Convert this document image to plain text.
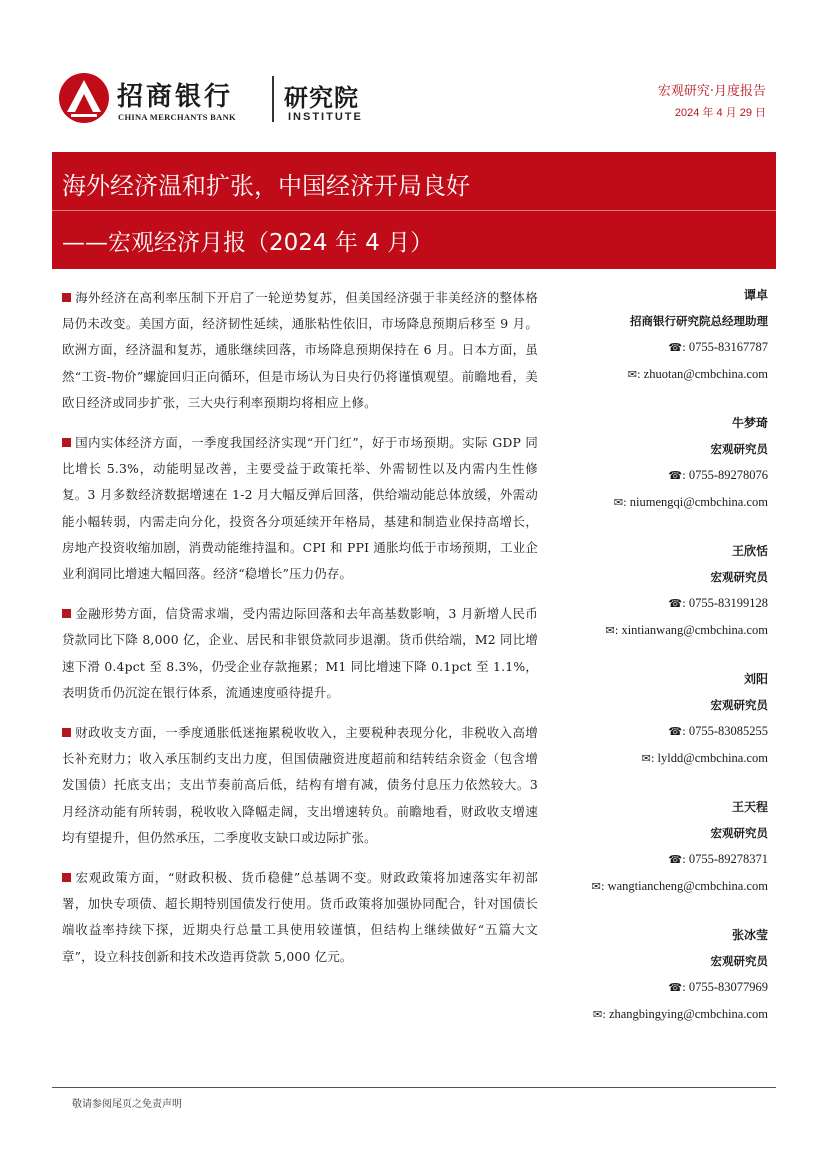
招商银行
CHINA MERCHANTS BANK
研究院
INSTITUTE
宏观研究·月度报告
2024 年 4 月 29 日
海外经济温和扩张，中国经济开局良好
——宏观经济月报（2024 年 4 月）

海外经济在高利率压制下开启了一轮逆势复苏，但美国经济强于非美经济的整体格局仍未改变。美国方面，经济韧性延续，通胀粘性依旧，市场降息预期后移至 9 月。欧洲方面，经济温和复苏，通胀继续回落，市场降息预期保持在 6 月。日本方面，虽然“工资-物价”螺旋回归正向循环，但是市场认为日央行仍将谨慎观望。前瞻地看，美欧日经济或同步扩张，三大央行利率预期均将相应上修。

国内实体经济方面，一季度我国经济实现“开门红”，好于市场预期。实际 GDP 同比增长 5.3%，动能明显改善，主要受益于政策托举、外需韧性以及内需内生性修复。3 月多数经济数据增速在 1-2 月大幅反弹后回落，供给端动能总体放缓，外需动能小幅转弱，内需走向分化，投资各分项延续开年格局，基建和制造业保持高增长，房地产投资收缩加剧，消费动能维持温和。CPI 和 PPI 通胀均低于市场预期，工业企业利润同比增速大幅回落。经济“稳增长”压力仍存。

金融形势方面，信贷需求端，受内需边际回落和去年高基数影响，3 月新增人民币贷款同比下降 8,000 亿，企业、居民和非银贷款同步退潮。货币供给端，M2 同比增速下滑 0.4pct 至 8.3%，仍受企业存款拖累；M1 同比增速下降 0.1pct 至 1.1%，表明货币仍沉淀在银行体系，流通速度亟待提升。

财政收支方面，一季度通胀低迷拖累税收收入，主要税种表现分化，非税收入高增长补充财力；收入承压制约支出力度，但国债融资进度超前和结转结余资金（包含增发国债）托底支出；支出节奏前高后低，结构有增有减，债务付息压力依然较大。3 月经济动能有所转弱，税收收入降幅走阔，支出增速转负。前瞻地看，财政收支增速均有望提升，但仍然承压，二季度收支缺口或边际扩张。

宏观政策方面，“财政积极、货币稳健”总基调不变。财政政策将加速落实年初部署，加快专项债、超长期特别国债发行使用。货币政策将加强协同配合，针对国债长端收益率持续下探，近期央行总量工具使用较谨慎，但结构上继续做好“五篇大文章”，设立科技创新和技术改造再贷款 5,000 亿元。

谭卓
招商银行研究院总经理助理
☎: 0755-83167787
✉: zhuotan@cmbchina.com
牛梦琦
宏观研究员
☎: 0755-89278076
✉: niumengqi@cmbchina.com
王欣恬
宏观研究员
☎: 0755-83199128
✉: xintianwang@cmbchina.com
刘阳
宏观研究员
☎: 0755-83085255
✉: lyldd@cmbchina.com
王天程
宏观研究员
☎: 0755-89278371
✉: wangtiancheng@cmbchina.com
张冰莹
宏观研究员
☎: 0755-83077969
✉: zhangbingying@cmbchina.com
敬请参阅尾页之免责声明
